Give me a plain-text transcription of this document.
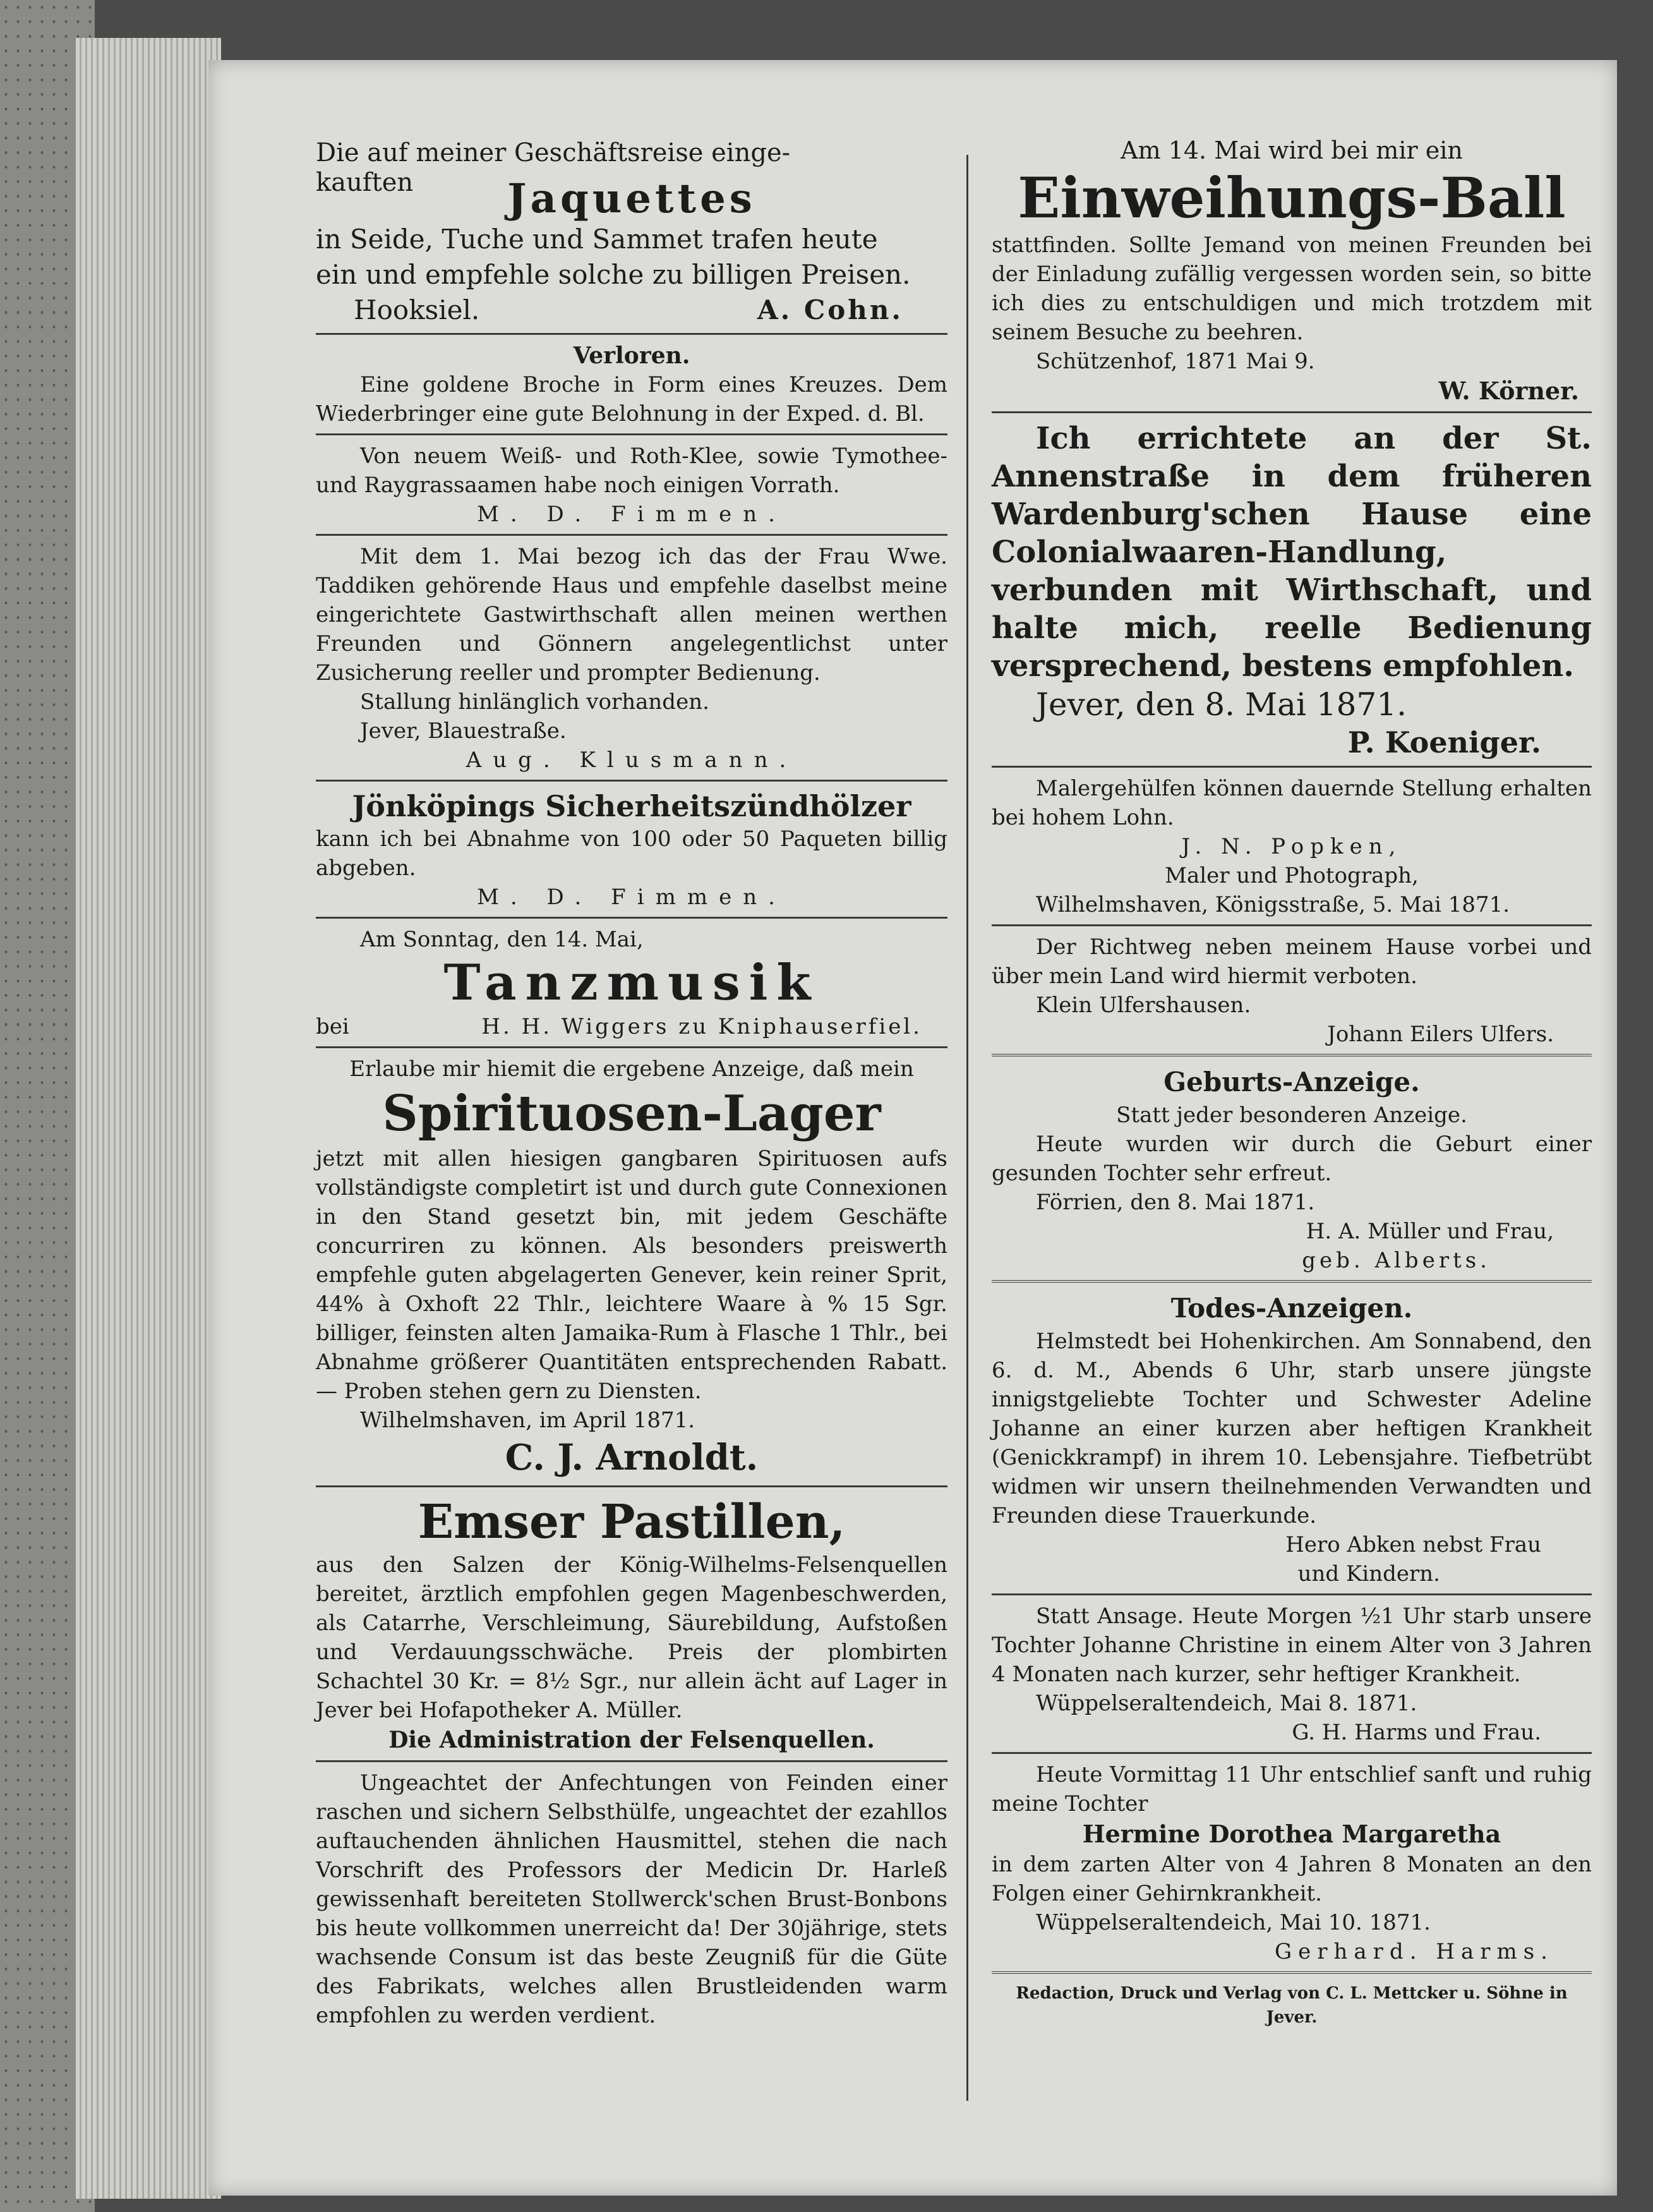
Die auf meiner Geschäftsreise einge-

kauften	Jaquettes

in Seide, Tuche und Sammet trafen heute

ein und empfehle solche zu billigen Preisen.

Hooksiel.	A. Cohn.

Verloren.

Eine goldene Broche in Form eines Kreuzes. Dem Wiederbringer eine gute Belohnung in der Exped. d. Bl.

Von neuem Weiß- und Roth-Klee, sowie Tymothee- und Raygrassaamen habe noch einigen Vorrath.

M. D. Fimmen.

Mit dem 1. Mai bezog ich das der Frau Wwe. Taddiken gehörende Haus und empfehle daselbst meine eingerichtete Gastwirthschaft allen meinen werthen Freunden und Gönnern angelegentlichst unter Zusicherung reeller und prompter Bedienung.

Stallung hinlänglich vorhanden.

Jever, Blauestraße.

Aug. Klusmann.

Jönköpings Sicherheitszündhölzer

kann ich bei Abnahme von 100 oder 50 Paqueten billig abgeben.

M. D. Fimmen.

Am Sonntag, den 14. Mai,

Tanzmusik

bei	H. H. Wiggers zu Kniphauserfiel.

Erlaube mir hiemit die ergebene Anzeige, daß mein

Spirituosen-Lager

jetzt mit allen hiesigen gangbaren Spirituosen aufs vollständigste completirt ist und durch gute Connexionen in den Stand gesetzt bin, mit jedem Geschäfte concurriren zu können. Als besonders preiswerth empfehle guten abgelagerten Genever, kein reiner Sprit, 44% à Oxhoft 22 Thlr., leichtere Waare à % 15 Sgr. billiger, feinsten alten Jamaika-Rum à Flasche 1 Thlr., bei Abnahme größerer Quantitäten entsprechenden Rabatt. — Proben stehen gern zu Diensten.

Wilhelmshaven, im April 1871.

C. J. Arnoldt.

Emser Pastillen,

aus den Salzen der König-Wilhelms-Felsenquellen bereitet, ärztlich empfohlen gegen Magenbeschwerden, als Catarrhe, Verschleimung, Säurebildung, Aufstoßen und Verdauungsschwäche. Preis der plombirten Schachtel 30 Kr. = 8½ Sgr., nur allein ächt auf Lager in Jever bei Hofapotheker A. Müller.

Die Administration der Felsenquellen.

Ungeachtet der Anfechtungen von Feinden einer raschen und sichern Selbsthülfe, ungeachtet der ezahllos auftauchenden ähnlichen Hausmittel, stehen die nach Vorschrift des Professors der Medicin Dr. Harleß gewissenhaft bereiteten Stollwerck'schen Brust-Bonbons bis heute vollkommen unerreicht da! Der 30jährige, stets wachsende Consum ist das beste Zeugniß für die Güte des Fabrikats, welches allen Brustleidenden warm empfohlen zu werden verdient.

Am 14. Mai wird bei mir ein

Einweihungs-Ball

stattfinden. Sollte Jemand von meinen Freunden bei der Einladung zufällig vergessen worden sein, so bitte ich dies zu entschuldigen und mich trotzdem mit seinem Besuche zu beehren.

Schützenhof, 1871 Mai 9.

W. Körner.

Ich errichtete an der St. Annenstraße in dem früheren Wardenburg'schen Hause eine Colonialwaaren-Handlung, verbunden mit Wirthschaft, und halte mich, reelle Bedienung versprechend, bestens empfohlen.

Jever, den 8. Mai 1871.

P. Koeniger.

Malergehülfen können dauernde Stellung erhalten bei hohem Lohn.

J. N. Popken,

Maler und Photograph,

Wilhelmshaven, Königsstraße, 5. Mai 1871.

Der Richtweg neben meinem Hause vorbei und über mein Land wird hiermit verboten.

Klein Ulfershausen.

Johann Eilers Ulfers.

Geburts-Anzeige.

Statt jeder besonderen Anzeige.

Heute wurden wir durch die Geburt einer gesunden Tochter sehr erfreut.

Förrien, den 8. Mai 1871.

H. A. Müller und Frau,

geb. Alberts.

Todes-Anzeigen.

Helmstedt bei Hohenkirchen. Am Sonnabend, den 6. d. M., Abends 6 Uhr, starb unsere jüngste innigstgeliebte Tochter und Schwester Adeline Johanne an einer kurzen aber heftigen Krankheit (Genickkrampf) in ihrem 10. Lebensjahre. Tiefbetrübt widmen wir unsern theilnehmenden Verwandten und Freunden diese Trauerkunde.

Hero Abken nebst Frau

und Kindern.

Statt Ansage. Heute Morgen ½1 Uhr starb unsere Tochter Johanne Christine in einem Alter von 3 Jahren 4 Monaten nach kurzer, sehr heftiger Krankheit.

Wüppelseraltendeich, Mai 8. 1871.

G. H. Harms und Frau.

Heute Vormittag 11 Uhr entschlief sanft und ruhig meine Tochter

Hermine Dorothea Margaretha

in dem zarten Alter von 4 Jahren 8 Monaten an den Folgen einer Gehirnkrankheit.

Wüppelseraltendeich, Mai 10. 1871.

Gerhard. Harms.

Redaction, Druck und Verlag von C. L. Mettcker u. Söhne in Jever.
